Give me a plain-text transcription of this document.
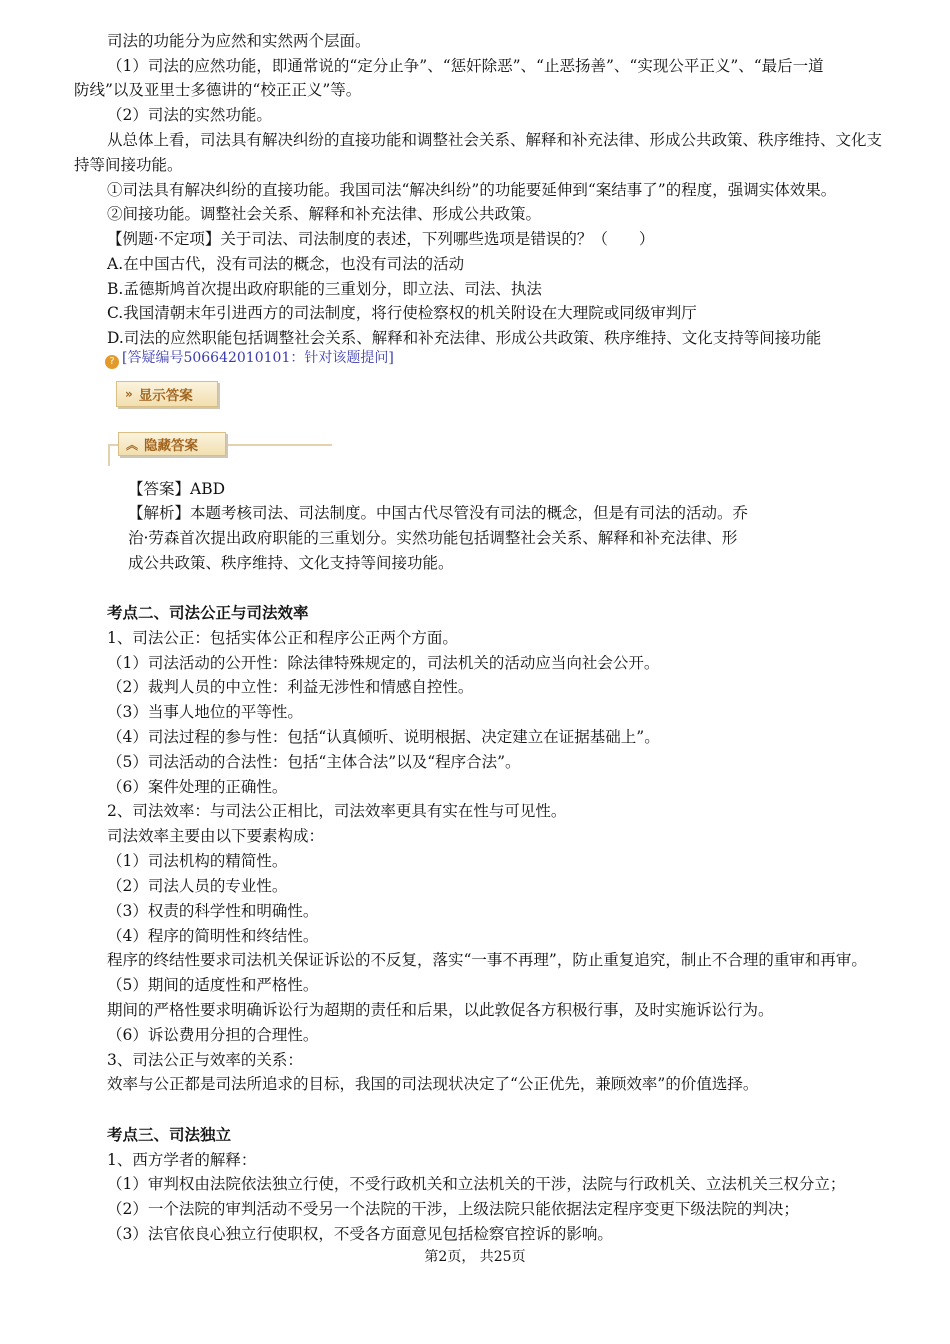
司法的功能分为应然和实然两个层面。
（1）司法的应然功能，即通常说的“定分止争”、“惩奸除恶”、“止恶扬善”、“实现公平正义”、“最后一道
防线”以及亚里士多德讲的“校正正义”等。
（2）司法的实然功能。
从总体上看，司法具有解决纠纷的直接功能和调整社会关系、解释和补充法律、形成公共政策、秩序维持、文化支
持等间接功能。
①司法具有解决纠纷的直接功能。我国司法“解决纠纷”的功能要延伸到“案结事了”的程度，强调实体效果。
②间接功能。调整社会关系、解释和补充法律、形成公共政策。
【例题·不定项】关于司法、司法制度的表述，下列哪些选项是错误的？（　　）
A.在中国古代，没有司法的概念，也没有司法的活动
B.孟德斯鸠首次提出政府职能的三重划分，即立法、司法、执法
C.我国清朝末年引进西方的司法制度，将行使检察权的机关附设在大理院或同级审判厅
D.司法的应然职能包括调整社会关系、解释和补充法律、形成公共政策、秩序维持、文化支持等间接功能
? [答疑编号506642010101：针对该题提问]
» 显示答案
︽ 隐藏答案
【答案】ABD
【解析】本题考核司法、司法制度。中国古代尽管没有司法的概念，但是有司法的活动。乔
治·劳森首次提出政府职能的三重划分。实然功能包括调整社会关系、解释和补充法律、形
成公共政策、秩序维持、文化支持等间接功能。
考点二、司法公正与司法效率
1、司法公正：包括实体公正和程序公正两个方面。
（1）司法活动的公开性：除法律特殊规定的，司法机关的活动应当向社会公开。
（2）裁判人员的中立性：利益无涉性和情感自控性。
（3）当事人地位的平等性。
（4）司法过程的参与性：包括“认真倾听、说明根据、决定建立在证据基础上”。
（5）司法活动的合法性：包括“主体合法”以及“程序合法”。
（6）案件处理的正确性。
2、司法效率：与司法公正相比，司法效率更具有实在性与可见性。
司法效率主要由以下要素构成：
（1）司法机构的精简性。
（2）司法人员的专业性。
（3）权责的科学性和明确性。
（4）程序的简明性和终结性。
程序的终结性要求司法机关保证诉讼的不反复，落实“一事不再理”，防止重复追究，制止不合理的重审和再审。
（5）期间的适度性和严格性。
期间的严格性要求明确诉讼行为超期的责任和后果，以此敦促各方积极行事，及时实施诉讼行为。
（6）诉讼费用分担的合理性。
3、司法公正与效率的关系：
效率与公正都是司法所追求的目标，我国的司法现状决定了“公正优先，兼顾效率”的价值选择。
考点三、司法独立
1、西方学者的解释：
（1）审判权由法院依法独立行使，不受行政机关和立法机关的干涉，法院与行政机关、立法机关三权分立；
（2）一个法院的审判活动不受另一个法院的干涉，上级法院只能依据法定程序变更下级法院的判决；
（3）法官依良心独立行使职权，不受各方面意见包括检察官控诉的影响。
第2页， 共25页
